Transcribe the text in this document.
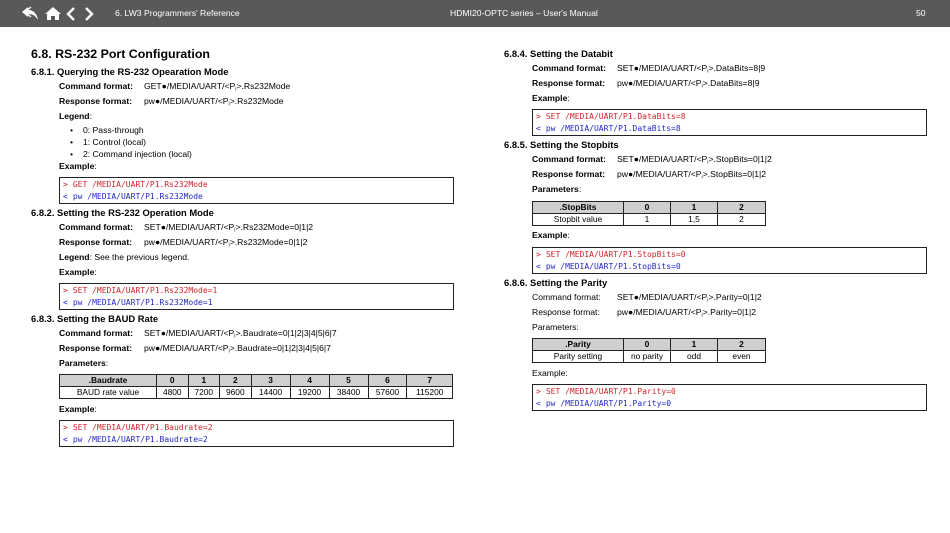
6. LW3 Programmers' Reference	HDMI20-OPTC series – User's Manual	50
6.8. RS-232 Port Configuration
6.8.1. Querying the RS-232 Opearation Mode
Command format: $GET●/MEDIA/UART/<P_i>.Rs232Mode$
Response format: $pw●/MEDIA/UART/<P_i>.Rs232Mode$
Legend:
• 0: Pass-through
• 1: Control (local)
• 2: Command injection (local)
Example:
> GET /MEDIA/UART/P1.Rs232Mode
< pw /MEDIA/UART/P1.Rs232Mode
6.8.2. Setting the RS-232 Operation Mode
Command format: $SET●/MEDIA/UART/<P_i>.Rs232Mode=0|1|2$
Response format: $pw●/MEDIA/UART/<P_i>.Rs232Mode=0|1|2$
Legend: See the previous legend.
Example:
> SET /MEDIA/UART/P1.Rs232Mode=1
< pw /MEDIA/UART/P1.Rs232Mode=1
6.8.3. Setting the BAUD Rate
Command format: $SET●/MEDIA/UART/<P_i>.Baudrate=0|1|2|3|4|5|6|7$
Response format: $pw●/MEDIA/UART/<P_i>.Baudrate=0|1|2|3|4|5|6|7$
Parameters:
.Baudrate	0	1	2	3	4	5	6	7
BAUD rate value	4800	7200	9600	14400	19200	38400	57600	115200
Example:
> SET /MEDIA/UART/P1.Baudrate=2
< pw /MEDIA/UART/P1.Baudrate=2
6.8.4. Setting the Databit
Command format: $SET●/MEDIA/UART/<P_i>.DataBits=8|9$
Response format: $pw●/MEDIA/UART/<P_i>.DataBits=8|9$
Example:
> SET /MEDIA/UART/P1.DataBits=8
< pw /MEDIA/UART/P1.DataBits=8
6.8.5. Setting the Stopbits
Command format: $SET●/MEDIA/UART/<P_i>.StopBits=0|1|2$
Response format: $pw●/MEDIA/UART/<P_i>.StopBits=0|1|2$
Parameters:
.StopBits	0	1	2
Stopbit value	1	1,5	2
Example:
> SET /MEDIA/UART/P1.StopBits=0
< pw /MEDIA/UART/P1.StopBits=0
6.8.6. Setting the Parity
Command format: $SET●/MEDIA/UART/<P_i>.Parity=0|1|2$
Response format: $pw●/MEDIA/UART/<P_i>.Parity=0|1|2$
Parameters:
.Parity	0	1	2
Parity setting	no parity	odd	even
Example:
> SET /MEDIA/UART/P1.Parity=0
< pw /MEDIA/UART/P1.Parity=0
